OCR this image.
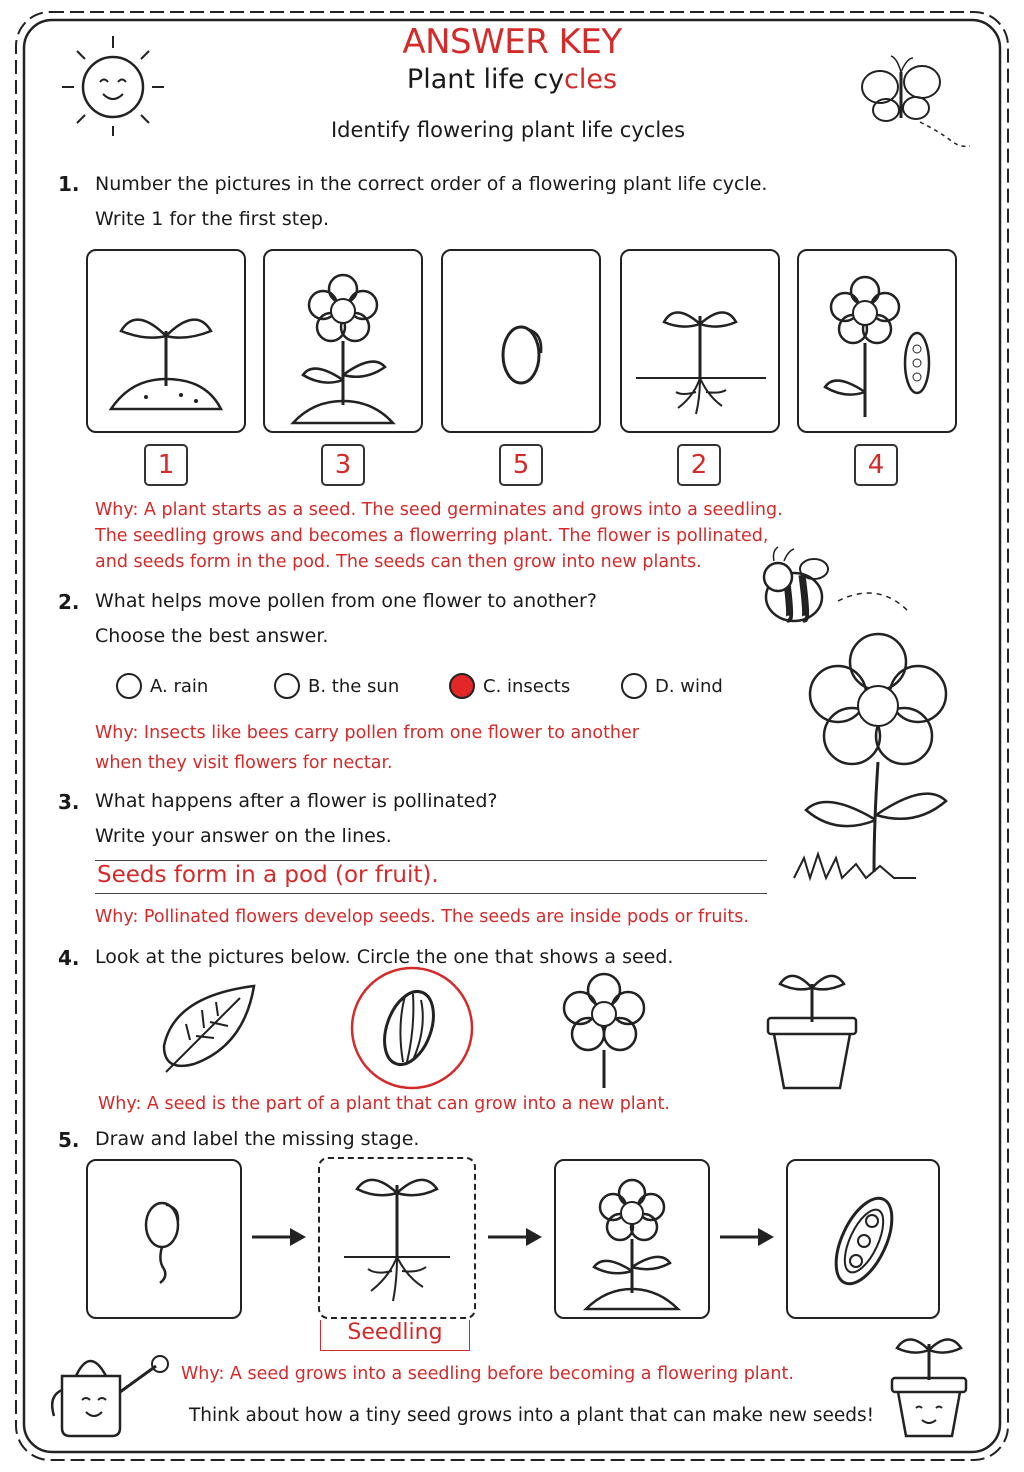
ANSWER KEY
Plant life cycles
Identify flowering plant life cycles
1. Number the pictures in the correct order of a flowering plant life cycle.
Write 1 for the first step.
1	3	5	2	4
Why: A plant starts as a seed. The seed germinates and grows into a seedling.
The seedling grows and becomes a flowerring plant. The flower is pollinated,
and seeds form in the pod. The seeds can then grow into new plants.
2. What helps move pollen from one flower to another?
Choose the best answer.
A. rain	B. the sun	C. insects	D. wind
Why: Insects like bees carry pollen from one flower to another
when they visit flowers for nectar.
3. What happens after a flower is pollinated?
Write your answer on the lines.
Seeds form in a pod (or fruit).
Why: Pollinated flowers develop seeds. The seeds are inside pods or fruits.
4. Look at the pictures below. Circle the one that shows a seed.
Why: A seed is the part of a plant that can grow into a new plant.
5. Draw and label the missing stage.
Seedling
Why: A seed grows into a seedling before becoming a flowering plant.
Think about how a tiny seed grows into a plant that can make new seeds!
